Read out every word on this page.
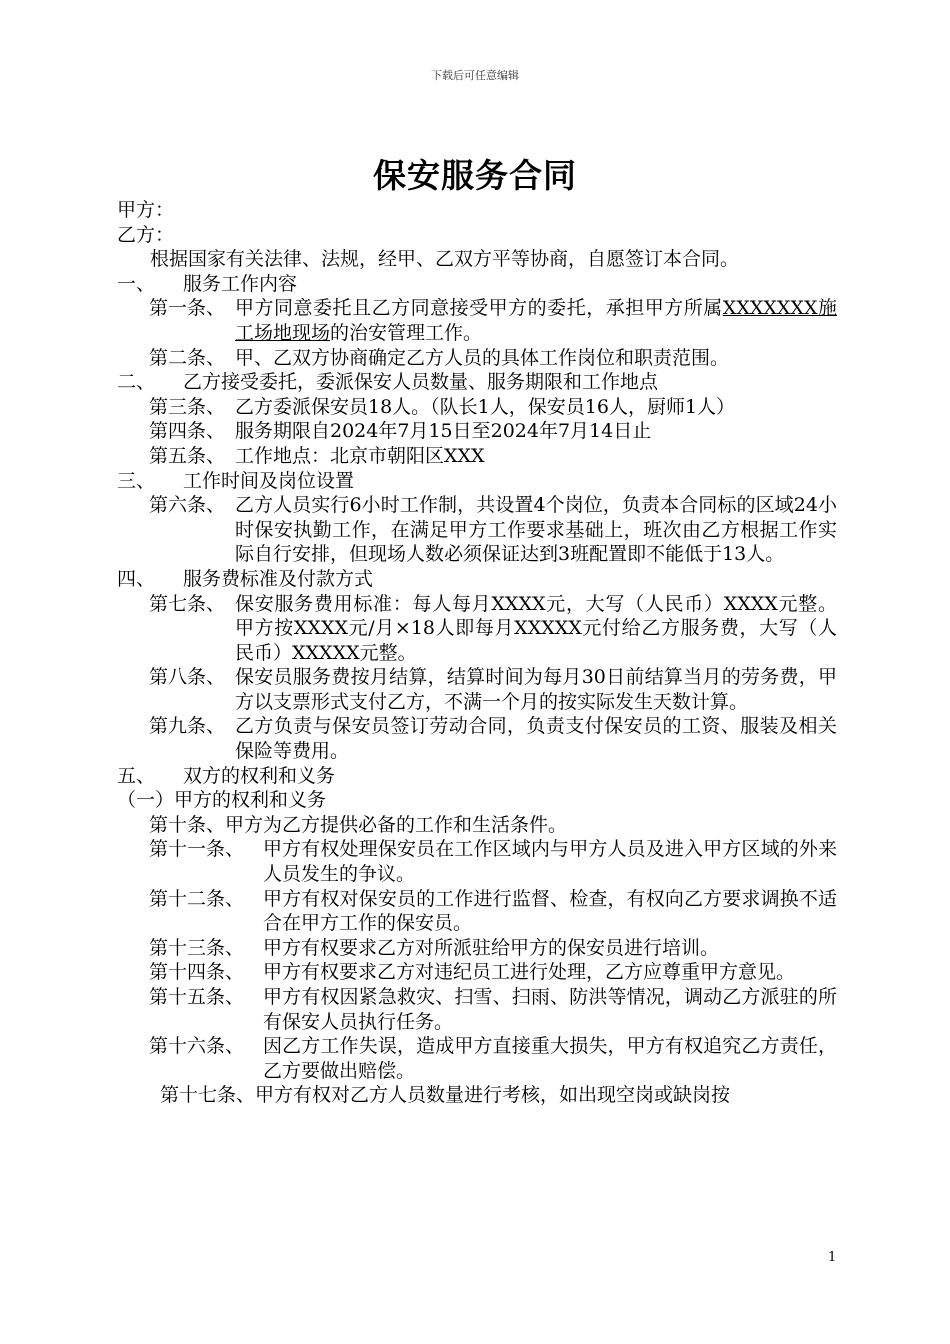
下载后可任意编辑
保安服务合同
甲方：
乙方：
根据国家有关法律、法规，经甲、乙双方平等协商，自愿签订本合同。
一、 服务工作内容
第一条、 甲方同意委托且乙方同意接受甲方的委托，承担甲方所属XXXXXXX施工场地现场的治安管理工作。
第二条、 甲、乙双方协商确定乙方人员的具体工作岗位和职责范围。
二、 乙方接受委托，委派保安人员数量、服务期限和工作地点
第三条、 乙方委派保安员18人。（队长1人，保安员16人，厨师1人）
第四条、 服务期限自2024年7月15日至2024年7月14日止
第五条、 工作地点：北京市朝阳区XXX
三、 工作时间及岗位设置
第六条、 乙方人员实行6小时工作制，共设置4个岗位，负责本合同标的区域24小时保安执勤工作，在满足甲方工作要求基础上，班次由乙方根据工作实际自行安排，但现场人数必须保证达到3班配置即不能低于13人。
四、 服务费标准及付款方式
第七条、 保安服务费用标准：每人每月XXXX元，大写（人民币）XXXX元整。甲方按XXXX元/月×18人即每月XXXXX元付给乙方服务费，大写（人民币）XXXXX元整。
第八条、 保安员服务费按月结算，结算时间为每月30日前结算当月的劳务费，甲方以支票形式支付乙方，不满一个月的按实际发生天数计算。
第九条、 乙方负责与保安员签订劳动合同，负责支付保安员的工资、服装及相关保险等费用。
五、 双方的权利和义务
（一）甲方的权利和义务
第十条、 甲方为乙方提供必备的工作和生活条件。
第十一条、 甲方有权处理保安员在工作区域内与甲方人员及进入甲方区域的外来人员发生的争议。
第十二条、 甲方有权对保安员的工作进行监督、检查，有权向乙方要求调换不适合在甲方工作的保安员。
第十三条、 甲方有权要求乙方对所派驻给甲方的保安员进行培训。
第十四条、 甲方有权要求乙方对违纪员工进行处理，乙方应尊重甲方意见。
第十五条、 甲方有权因紧急救灾、扫雪、扫雨、防洪等情况，调动乙方派驻的所有保安人员执行任务。
第十六条、 因乙方工作失误，造成甲方直接重大损失，甲方有权追究乙方责任，乙方要做出赔偿。
第十七条、 甲方有权对乙方人员数量进行考核，如出现空岗或缺岗按
1
